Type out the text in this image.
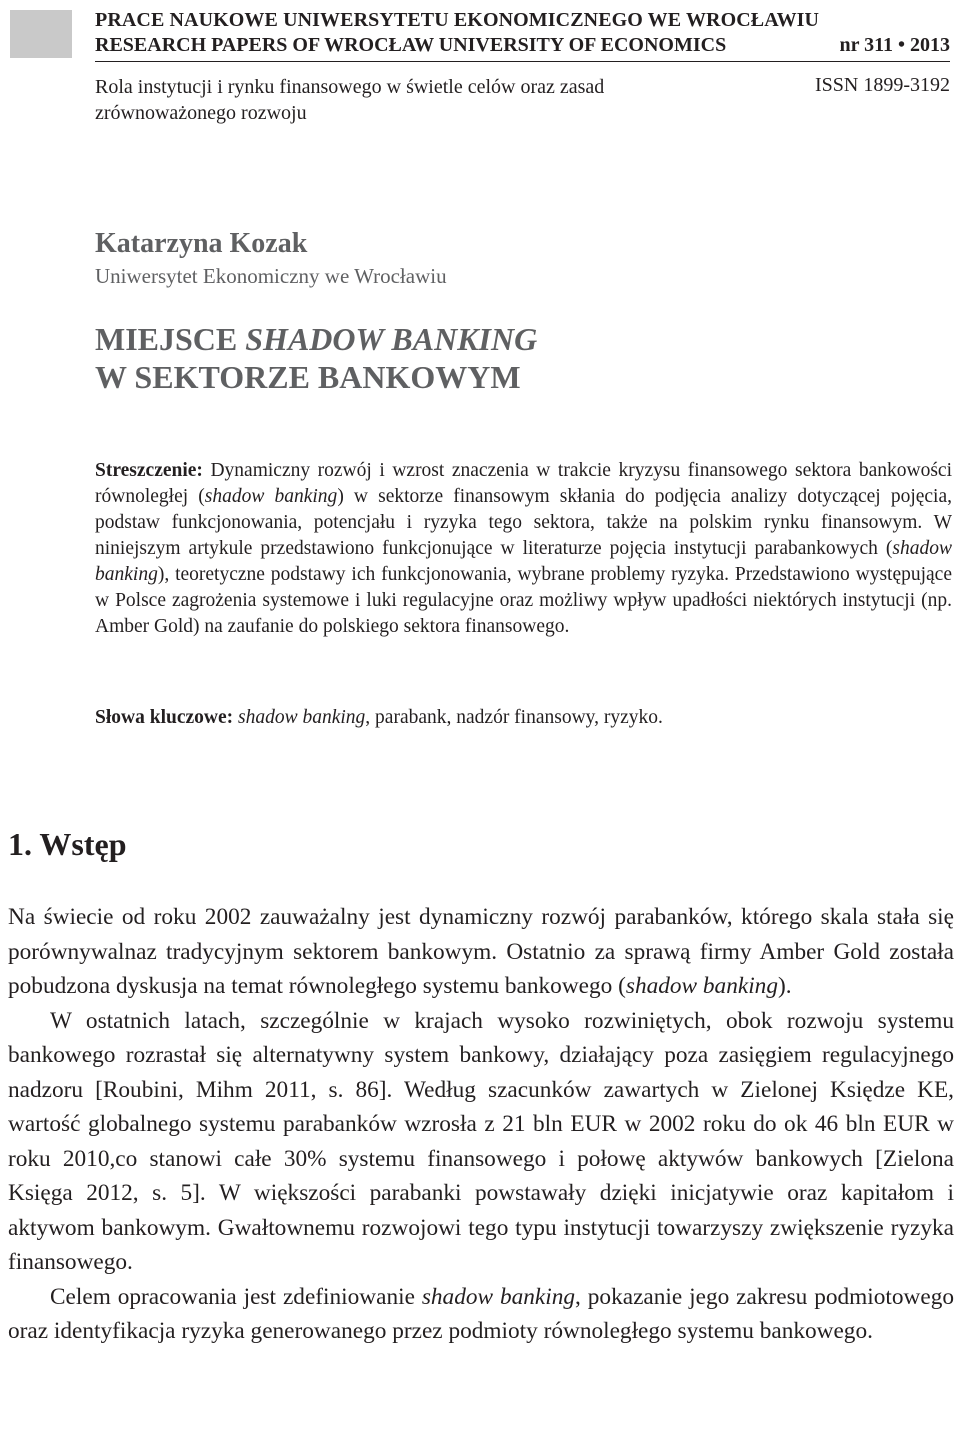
PRACE NAUKOWE UNIWERSYTETU EKONOMICZNEGO WE WROCŁAWIU
RESEARCH PAPERS OF WROCŁAW UNIVERSITY OF ECONOMICS	nr 311 • 2013
Rola instytucji i rynku finansowego w świetle celów oraz zasad zrównoważonego rozwoju
ISSN 1899-3192
Katarzyna Kozak
Uniwersytet Ekonomiczny we Wrocławiu
MIEJSCE SHADOW BANKING
W SEKTORZE BANKOWYM
Streszczenie: Dynamiczny rozwój i wzrost znaczenia w trakcie kryzysu finansowego sektora bankowości równoległej (shadow banking) w sektorze finansowym skłania do podjęcia analizy dotyczącej pojęcia, podstaw funkcjonowania, potencjału i ryzyka tego sektora, także na polskim rynku finansowym. W niniejszym artykule przedstawiono funkcjonujące w literaturze pojęcia instytucji parabankowych (shadow banking), teoretyczne podstawy ich funkcjonowania, wybrane problemy ryzyka. Przedstawiono występujące w Polsce zagrożenia systemowe i luki regulacyjne oraz możliwy wpływ upadłości niektórych instytucji (np. Amber Gold) na zaufanie do polskiego sektora finansowego.
Słowa kluczowe: shadow banking, parabank, nadzór finansowy, ryzyko.
1. Wstęp

Na świecie od roku 2002 zauważalny jest dynamiczny rozwój parabanków, którego skala stała się porównywalnaz tradycyjnym sektorem bankowym. Ostatnio za sprawą firmy Amber Gold została pobudzona dyskusja na temat równoległego systemu bankowego (shadow banking).

W ostatnich latach, szczególnie w krajach wysoko rozwiniętych, obok rozwoju systemu bankowego rozrastał się alternatywny system bankowy, działający poza zasięgiem regulacyjnego nadzoru [Roubini, Mihm 2011, s. 86]. Według szacunków zawartych w Zielonej Księdze KE, wartość globalnego systemu parabanków wzrosła z 21 bln EUR w 2002 roku do ok 46 bln EUR w roku 2010,co stanowi całe 30% systemu finansowego i połowę aktywów bankowych [Zielona Księga 2012, s. 5]. W większości parabanki powstawały dzięki inicjatywie oraz kapitałom i aktywom bankowym. Gwałtownemu rozwojowi tego typu instytucji towarzyszy zwiększenie ryzyka finansowego.

Celem opracowania jest zdefiniowanie shadow banking, pokazanie jego zakresu podmiotowego oraz identyfikacja ryzyka generowanego przez podmioty równoległego systemu bankowego.
